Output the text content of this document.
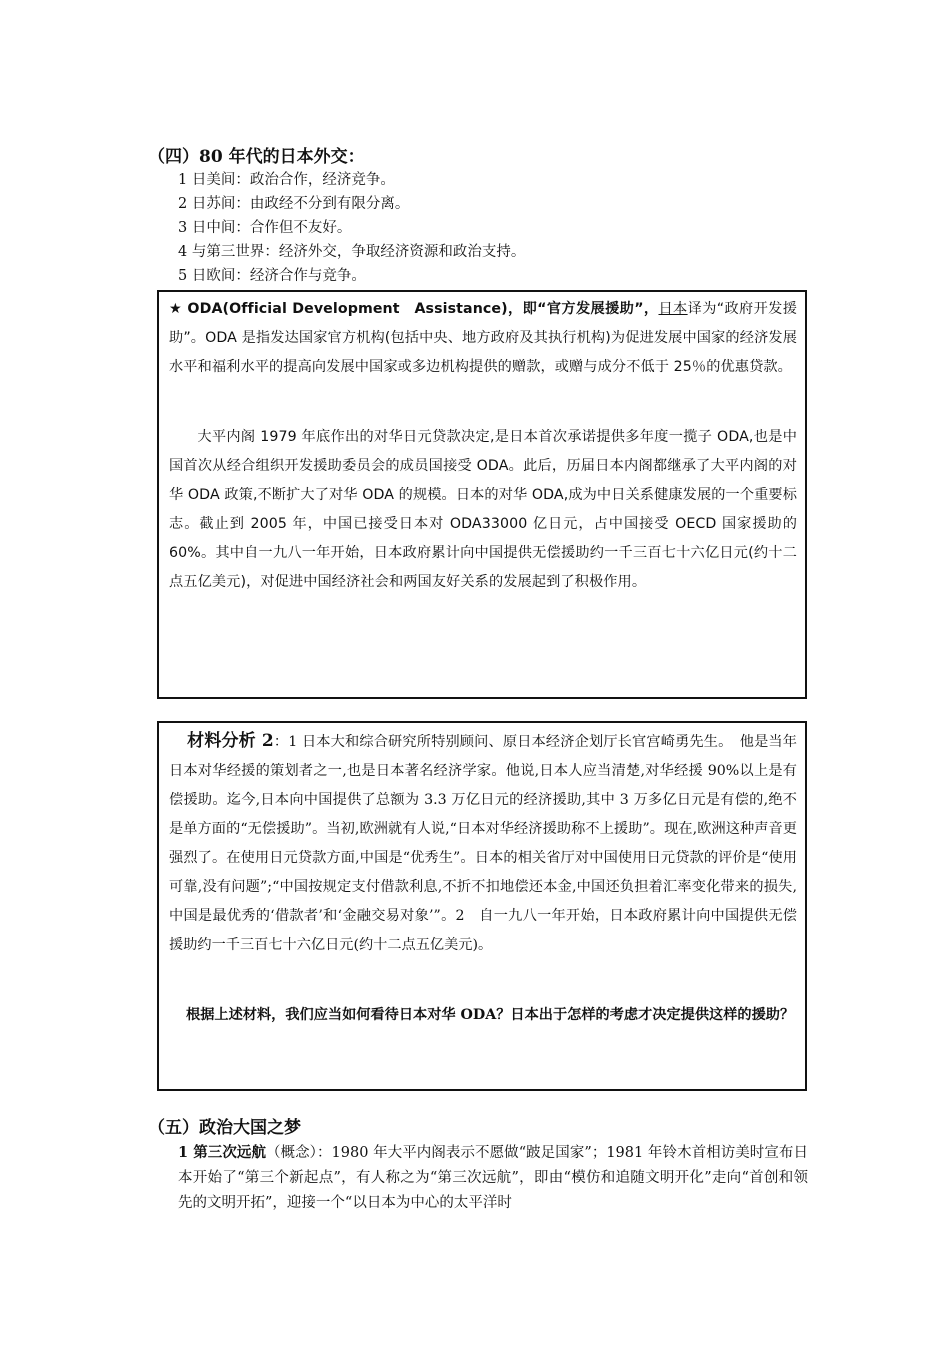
（四）80 年代的日本外交：
1 日美间：政治合作，经济竞争。
2 日苏间：由政经不分到有限分离。
3 日中间：合作但不友好。
4 与第三世界：经济外交，争取经济资源和政治支持。
5 日欧间：经济合作与竞争。
★ ODA(Official Development　Assistance)，即“官方发展援助”，日本译为“政府开发援助”。ODA 是指发达国家官方机构(包括中央、地方政府及其执行机构)为促进发展中国家的经济发展水平和福利水平的提高向发展中国家或多边机构提供的赠款，或赠与成分不低于 25％的优惠贷款。
大平内阁 1979 年底作出的对华日元贷款决定,是日本首次承诺提供多年度一揽子 ODA,也是中国首次从经合组织开发援助委员会的成员国接受 ODA。此后，历届日本内阁都继承了大平内阁的对华 ODA 政策,不断扩大了对华 ODA 的规模。日本的对华 ODA,成为中日关系健康发展的一个重要标志。截止到 2005 年，中国已接受日本对 ODA33000 亿日元，占中国接受 OECD 国家援助的 60%。其中自一九八一年开始，日本政府累计向中国提供无偿援助约一千三百七十六亿日元(约十二点五亿美元)，对促进中国经济社会和两国友好关系的发展起到了积极作用。
材料分析 2：1 日本大和综合研究所特别顾问、原日本经济企划厅长官宫崎勇先生。　他是当年日本对华经援的策划者之一,也是日本著名经济学家。他说,日本人应当清楚,对华经援 90%以上是有偿援助。迄今,日本向中国提供了总额为 3.3 万亿日元的经济援助,其中 3 万多亿日元是有偿的,绝不是单方面的“无偿援助”。当初,欧洲就有人说,“日本对华经济援助称不上援助”。现在,欧洲这种声音更强烈了。在使用日元贷款方面,中国是“优秀生”。日本的相关省厅对中国使用日元贷款的评价是“使用可靠,没有问题”;“中国按规定支付借款利息,不折不扣地偿还本金,中国还负担着汇率变化带来的损失,中国是最优秀的‘借款者’和‘金融交易对象’”。2　自一九八一年开始，日本政府累计向中国提供无偿援助约一千三百七十六亿日元(约十二点五亿美元)。
根据上述材料，我们应当如何看待日本对华 ODA？日本出于怎样的考虑才决定提供这样的援助？
（五）政治大国之梦
1 第三次远航（概念）：1980 年大平内阁表示不愿做“跛足国家”；1981 年铃木首相访美时宣布日本开始了“第三个新起点”，有人称之为“第三次远航”，即由“模仿和追随文明开化”走向“首创和领先的文明开拓”，迎接一个“以日本为中心的太平洋时
